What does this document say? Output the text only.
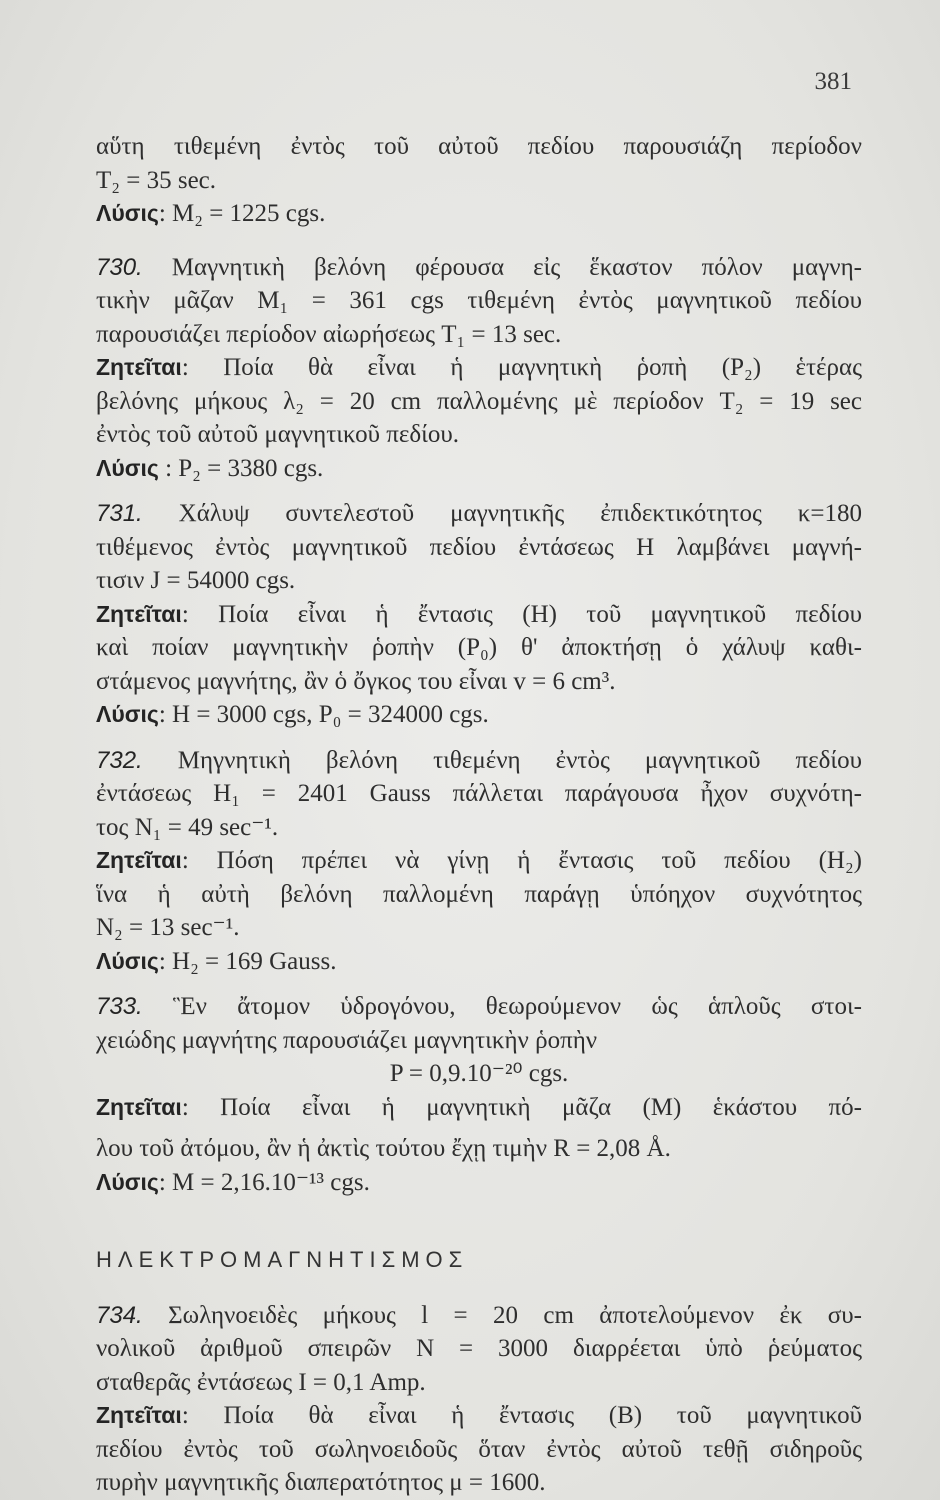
381
αὕτη τιθεμένη ἐντὸς τοῦ αὐτοῦ πεδίου παρουσιάζη περίοδον
T₂ = 35 sec.
Λύσις: M₂ = 1225 cgs.
730. Μαγνητικὴ βελόνη φέρουσα εἰς ἕκαστον πόλον μαγνη-
τικὴν μᾶζαν M₁ = 361 cgs τιθεμένη ἐντὸς μαγνητικοῦ πεδίου
παρουσιάζει περίοδον αἰωρήσεως T₁ = 13 sec.
Ζητεῖται: Ποία θὰ εἶναι ἡ μαγνητικὴ ῥοπὴ (P₂) ἑτέρας
βελόνης μήκους λ₂ = 20 cm παλλομένης μὲ περίοδον T₂ = 19 sec
ἐντὸς τοῦ αὐτοῦ μαγνητικοῦ πεδίου.
Λύσις : P₂ = 3380 cgs.
731. Χάλυψ συντελεστοῦ μαγνητικῆς ἐπιδεκτικότητος κ=180
τιθέμενος ἐντὸς μαγνητικοῦ πεδίου ἐντάσεως H λαμβάνει μαγνή-
τισιν J = 54000 cgs.
Ζητεῖται: Ποία εἶναι ἡ ἔντασις (H) τοῦ μαγνητικοῦ πεδίου
καὶ ποίαν μαγνητικὴν ῥοπὴν (P₀) θ' ἀποκτήσῃ ὁ χάλυψ καθι-
στάμενος μαγνήτης, ἂν ὁ ὄγκος του εἶναι v = 6 cm³.
Λύσις: H = 3000 cgs, P₀ = 324000 cgs.
732. Μηγνητικὴ βελόνη τιθεμένη ἐντὸς μαγνητικοῦ πεδίου
ἐντάσεως H₁ = 2401 Gauss πάλλεται παράγουσα ἦχον συχνότη-
τος N₁ = 49 sec⁻¹.
Ζητεῖται: Πόση πρέπει νὰ γίνῃ ἡ ἔντασις τοῦ πεδίου (H₂)
ἵνα ἡ αὐτὴ βελόνη παλλομένη παράγῃ ὑπόηχον συχνότητος
N₂ = 13 sec⁻¹.
Λύσις: H₂ = 169 Gauss.
733. Ἓν ἄτομον ὑδρογόνου, θεωρούμενον ὡς ἁπλοῦς στοι-
χειώδης μαγνήτης παρουσιάζει μαγνητικὴν ῥοπὴν
P = 0,9.10⁻²⁰ cgs.
Ζητεῖται: Ποία εἶναι ἡ μαγνητικὴ μᾶζα (M) ἑκάστου πό-
λου τοῦ ἀτόμου, ἂν ἡ ἀκτὶς τούτου ἔχῃ τιμὴν R = 2,08 Å.
Λύσις: M = 2,16.10⁻¹³ cgs.
ΗΛΕΚΤΡΟΜΑΓΝΗΤΙΣΜΟΣ
734. Σωληνοειδὲς μήκους l = 20 cm ἀποτελούμενον ἐκ συ-
νολικοῦ ἀριθμοῦ σπειρῶν N = 3000 διαρρέεται ὑπὸ ῥεύματος
σταθερᾶς ἐντάσεως I = 0,1 Amp.
Ζητεῖται: Ποία θὰ εἶναι ἡ ἔντασις (B) τοῦ μαγνητικοῦ
πεδίου ἐντὸς τοῦ σωληνοειδοῦς ὅταν ἐντὸς αὐτοῦ τεθῇ σιδηροῦς
πυρὴν μαγνητικῆς διαπερατότητος μ = 1600.
